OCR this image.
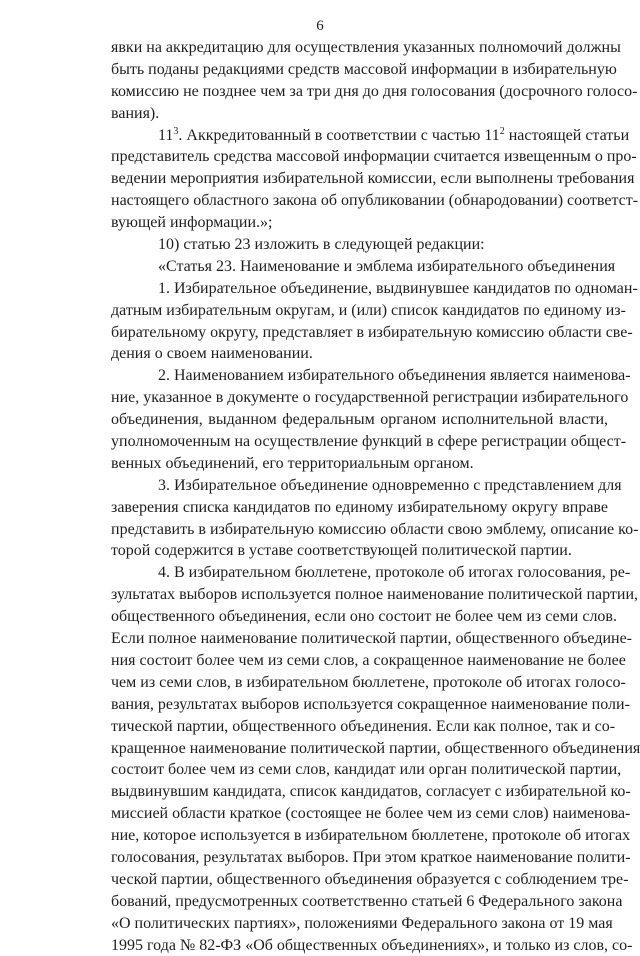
6
явки на аккредитацию для осуществления указанных полномочий должны
быть поданы редакциями средств массовой информации в избирательную
комиссию не позднее чем за три дня до дня голосования (досрочного голосо-
вания).
$11^3$. Аккредитованный в соответствии с частью $11^2$ настоящей статьи
представитель средства массовой информации считается извещенным о про-
ведении мероприятия избирательной комиссии, если выполнены требования
настоящего областного закона об опубликовании (обнародовании) соответст-
вующей информации.»;
10) статью 23 изложить в следующей редакции:
«Статья 23. Наименование и эмблема избирательного объединения
1. Избирательное объединение, выдвинувшее кандидатов по одноман-
датным избирательным округам, и (или) список кандидатов по единому из-
бирательному округу, представляет в избирательную комиссию области све-
дения о своем наименовании.
2. Наименованием избирательного объединения является наименова-
ние, указанное в документе о государственной регистрации избирательного
объединения, выданном федеральным органом исполнительной власти,
уполномоченным на осуществление функций в сфере регистрации общест-
венных объединений, его территориальным органом.
3. Избирательное объединение одновременно с представлением для
заверения списка кандидатов по единому избирательному округу вправе
представить в избирательную комиссию области свою эмблему, описание ко-
торой содержится в уставе соответствующей политической партии.
4. В избирательном бюллетене, протоколе об итогах голосования, ре-
зультатах выборов используется полное наименование политической партии,
общественного объединения, если оно состоит не более чем из семи слов.
Если полное наименование политической партии, общественного объедине-
ния состоит более чем из семи слов, а сокращенное наименование не более
чем из семи слов, в избирательном бюллетене, протоколе об итогах голосо-
вания, результатах выборов используется сокращенное наименование поли-
тической партии, общественного объединения. Если как полное, так и со-
кращенное наименование политической партии, общественного объединения
состоит более чем из семи слов, кандидат или орган политической партии,
выдвинувшим кандидата, список кандидатов, согласует с избирательной ко-
миссией области краткое (состоящее не более чем из семи слов) наименова-
ние, которое используется в избирательном бюллетене, протоколе об итогах
голосования, результатах выборов. При этом краткое наименование полити-
ческой партии, общественного объединения образуется с соблюдением тре-
бований, предусмотренных соответственно статьей 6 Федерального закона
«О политических партиях», положениями Федерального закона от 19 мая
1995 года № 82-ФЗ «Об общественных объединениях», и только из слов, со-
